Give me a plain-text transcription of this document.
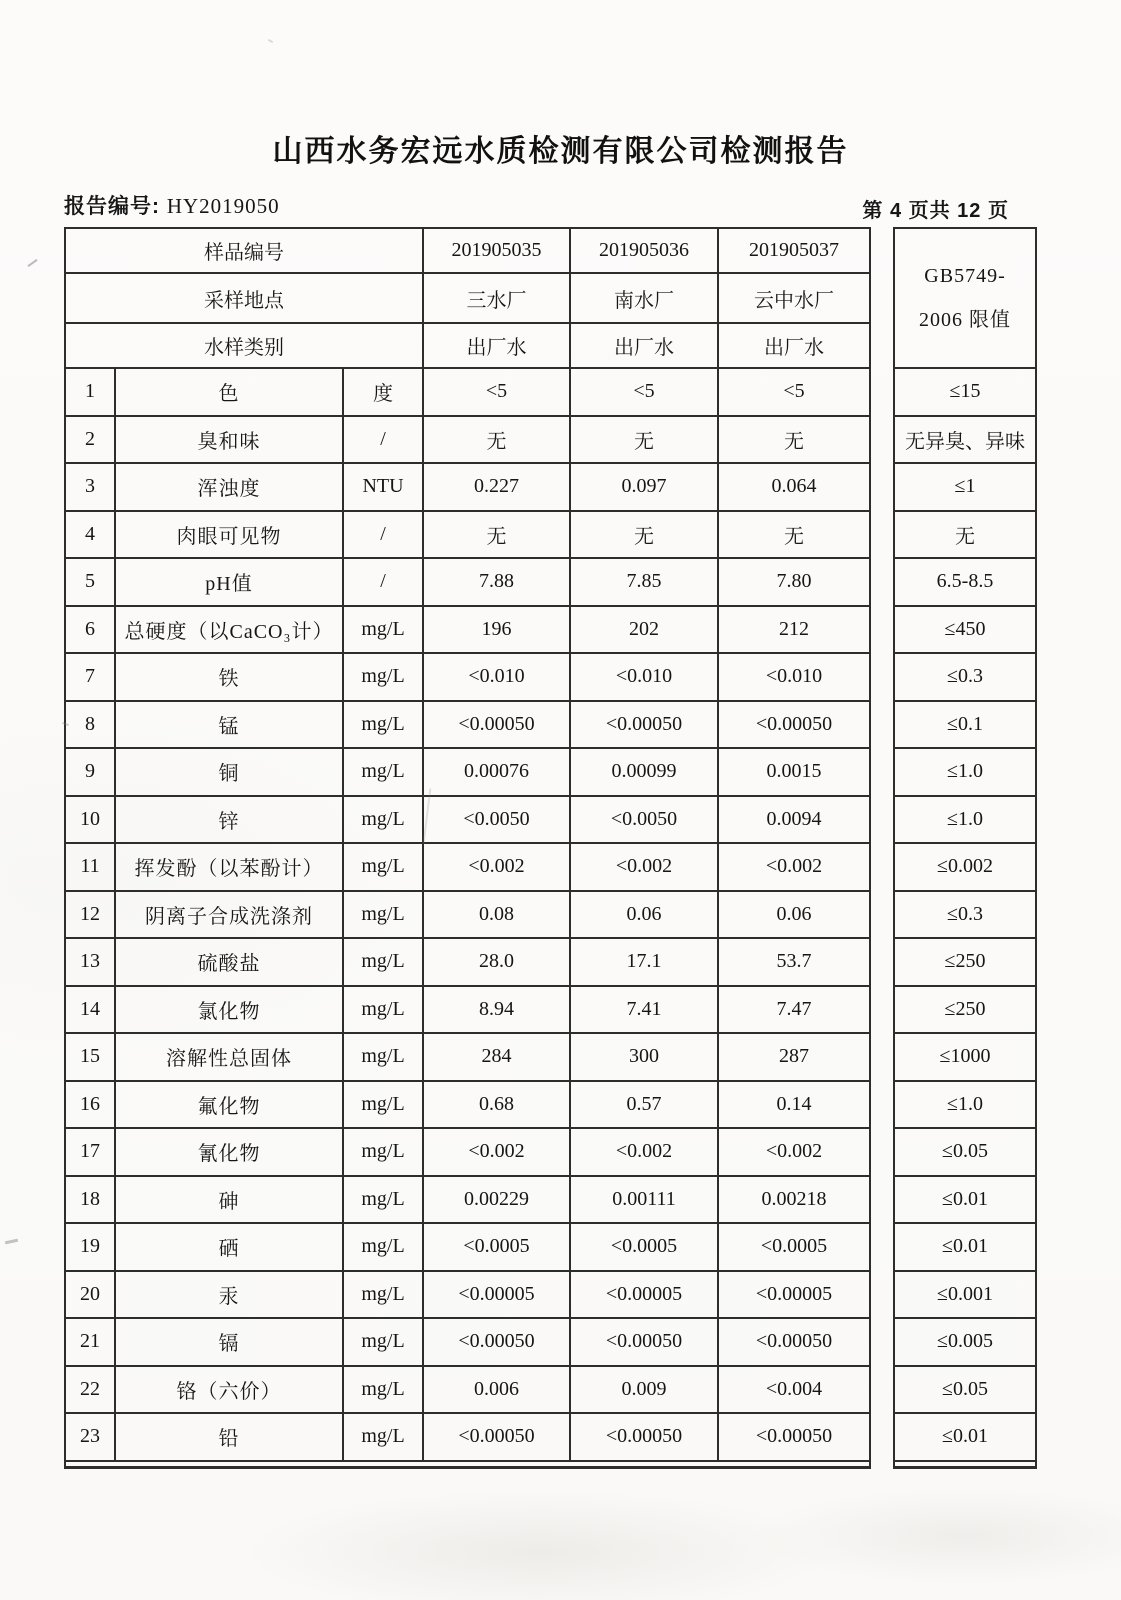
山西水务宏远水质检测有限公司检测报告
报告编号: HY2019050	第 4 页共 12 页
样品编号			201905035	201905036	201905037		GB5749-
2006 限值

采样地点			三水厂	南水厂	云中水厂		
水样类别			出厂水	出厂水	出厂水		
1	色	度	<5	<5	<5		≤15
2	臭和味	/	无	无	无		无异臭、异味
3	浑浊度	NTU	0.227	0.097	0.064		≤1
4	肉眼可见物	/	无	无	无		无
5	pH值	/	7.88	7.85	7.80		6.5-8.5
6	总硬度（以CaCO₃计）	mg/L	196	202	212		≤450
7	铁	mg/L	<0.010	<0.010	<0.010		≤0.3
8	锰	mg/L	<0.00050	<0.00050	<0.00050		≤0.1
9	铜	mg/L	0.00076	0.00099	0.0015		≤1.0
10	锌	mg/L	<0.0050	<0.0050	0.0094		≤1.0
11	挥发酚（以苯酚计）	mg/L	<0.002	<0.002	<0.002		≤0.002
12	阴离子合成洗涤剂	mg/L	0.08	0.06	0.06		≤0.3
13	硫酸盐	mg/L	28.0	17.1	53.7		≤250
14	氯化物	mg/L	8.94	7.41	7.47		≤250
15	溶解性总固体	mg/L	284	300	287		≤1000
16	氟化物	mg/L	0.68	0.57	0.14		≤1.0
17	氰化物	mg/L	<0.002	<0.002	<0.002		≤0.05
18	砷	mg/L	0.00229	0.00111	0.00218		≤0.01
19	硒	mg/L	<0.0005	<0.0005	<0.0005		≤0.01
20	汞	mg/L	<0.00005	<0.00005	<0.00005		≤0.001
21	镉	mg/L	<0.00050	<0.00050	<0.00050		≤0.005
22	铬（六价）	mg/L	0.006	0.009	<0.004		≤0.05
23	铅	mg/L	<0.00050	<0.00050	<0.00050		≤0.01
